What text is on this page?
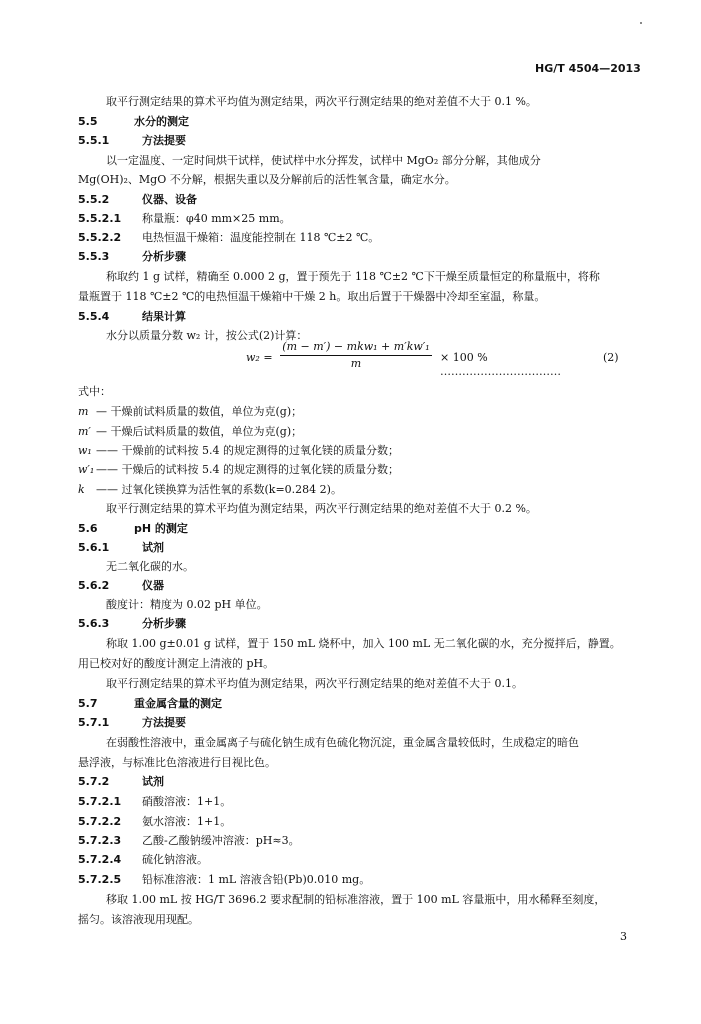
HG/T 4504—2013
取平行测定结果的算术平均值为测定结果，两次平行测定结果的绝对差值不大于 0.1 %。
5.5	水分的测定
5.5.1	方法提要
以一定温度、一定时间烘干试样，使试样中水分挥发，试样中 MgO₂ 部分分解，其他成分
Mg(OH)₂、MgO 不分解，根据失重以及分解前后的活性氧含量，确定水分。
5.5.2	仪器、设备
5.5.2.1 称量瓶：φ40 mm×25 mm。
5.5.2.2 电热恒温干燥箱：温度能控制在 118 ℃±2 ℃。
5.5.3	分析步骤
称取约 1 g 试样，精确至 0.000 2 g，置于预先于 118 ℃±2 ℃下干燥至质量恒定的称量瓶中，将称
量瓶置于 118 ℃±2 ℃的电热恒温干燥箱中干燥 2 h。取出后置于干燥器中冷却至室温，称量。
5.5.4	结果计算
水分以质量分数 w₂ 计，按公式(2)计算：
w₂ =
(m − m′) − mkw₁ + m′kw′₁
m	× 100 % ……………………………
(2)
式中：
m — 干燥前试料质量的数值，单位为克(g)；
m′ — 干燥后试料质量的数值，单位为克(g)；
w₁ —— 干燥前的试料按 5.4 的规定测得的过氧化镁的质量分数；
w′₁ —— 干燥后的试料按 5.4 的规定测得的过氧化镁的质量分数；
k —— 过氧化镁换算为活性氧的系数(k=0.284 2)。
取平行测定结果的算术平均值为测定结果，两次平行测定结果的绝对差值不大于 0.2 %。
5.6	pH 的测定
5.6.1	试剂
无二氧化碳的水。
5.6.2	仪器
酸度计：精度为 0.02 pH 单位。
5.6.3	分析步骤
称取 1.00 g±0.01 g 试样，置于 150 mL 烧杯中，加入 100 mL 无二氧化碳的水，充分搅拌后，静置。
用已校对好的酸度计测定上清液的 pH。
取平行测定结果的算术平均值为测定结果，两次平行测定结果的绝对差值不大于 0.1。
5.7	重金属含量的测定
5.7.1	方法提要
在弱酸性溶液中，重金属离子与硫化钠生成有色硫化物沉淀，重金属含量较低时，生成稳定的暗色
悬浮液，与标准比色溶液进行目视比色。
5.7.2	试剂
5.7.2.1 硝酸溶液：1+1。
5.7.2.2 氨水溶液：1+1。
5.7.2.3 乙酸-乙酸钠缓冲溶液：pH≈3。
5.7.2.4 硫化钠溶液。
5.7.2.5 铅标准溶液：1 mL 溶液含铅(Pb)0.010 mg。
移取 1.00 mL 按 HG/T 3696.2 要求配制的铅标准溶液，置于 100 mL 容量瓶中，用水稀释至刻度，
摇匀。该溶液现用现配。
3
